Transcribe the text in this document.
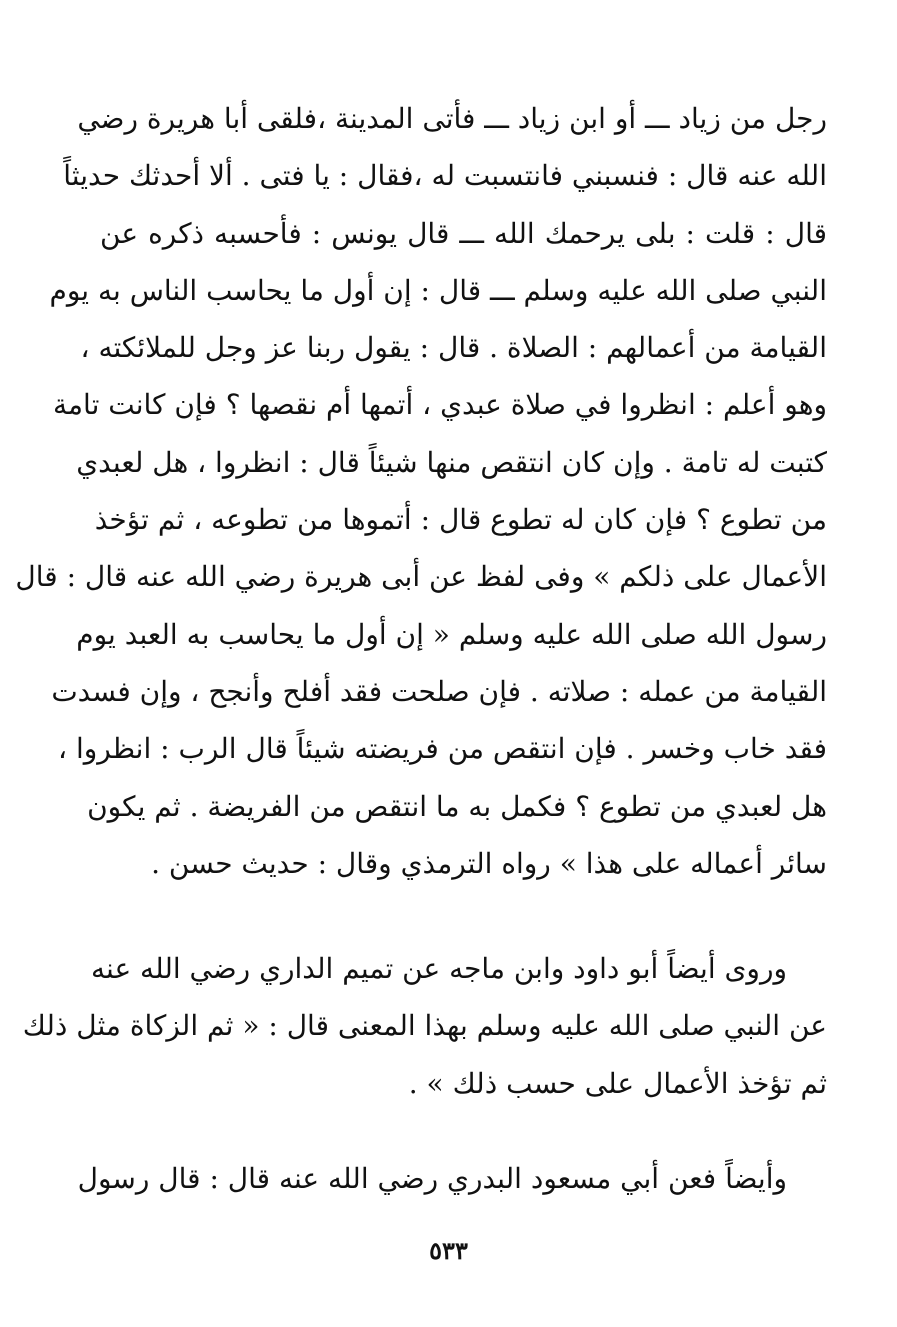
رجل من زياد ـــ أو ابن زياد ـــ فأتى المدينة ،فلقى أبا هريرة رضي
الله عنه قال : فنسبني فانتسبت له ،فقال : يا فتى . ألا أحدثك حديثاً
قال : قلت : بلى يرحمك الله ـــ قال يونس : فأحسبه ذكره عن
النبي صلى الله عليه وسلم ـــ قال : إن أول ما يحاسب الناس به يوم
القيامة من أعمالهم : الصلاة . قال : يقول ربنا عز وجل للملائكته ،
وهو أعلم : انظروا في صلاة عبدي ، أتمها أم نقصها ؟ فإن كانت تامة
كتبت له تامة . وإن كان انتقص منها شيئاً قال : انظروا ، هل لعبدي
من تطوع ؟ فإن كان له تطوع قال : أتموها من تطوعه ، ثم تؤخذ
الأعمال على ذلكم » وفى لفظ عن أبى هريرة رضي الله عنه قال : قال
رسول الله صلى الله عليه وسلم « إن أول ما يحاسب به العبد يوم
القيامة من عمله : صلاته . فإن صلحت فقد أفلح وأنجح ، وإن فسدت
فقد خاب وخسر . فإن انتقص من فريضته شيئاً قال الرب : انظروا ،
هل لعبدي من تطوع ؟ فكمل به ما انتقص من الفريضة . ثم يكون
سائر أعماله على هذا » رواه الترمذي وقال : حديث حسن .
وروى أيضاً أبو داود وابن ماجه عن تميم الداري رضي الله عنه
عن النبي صلى الله عليه وسلم بهذا المعنى قال : « ثم الزكاة مثل ذلك
ثم تؤخذ الأعمال على حسب ذلك » .
وأيضاً فعن أبي مسعود البدري رضي الله عنه قال : قال رسول
٥٣٣
